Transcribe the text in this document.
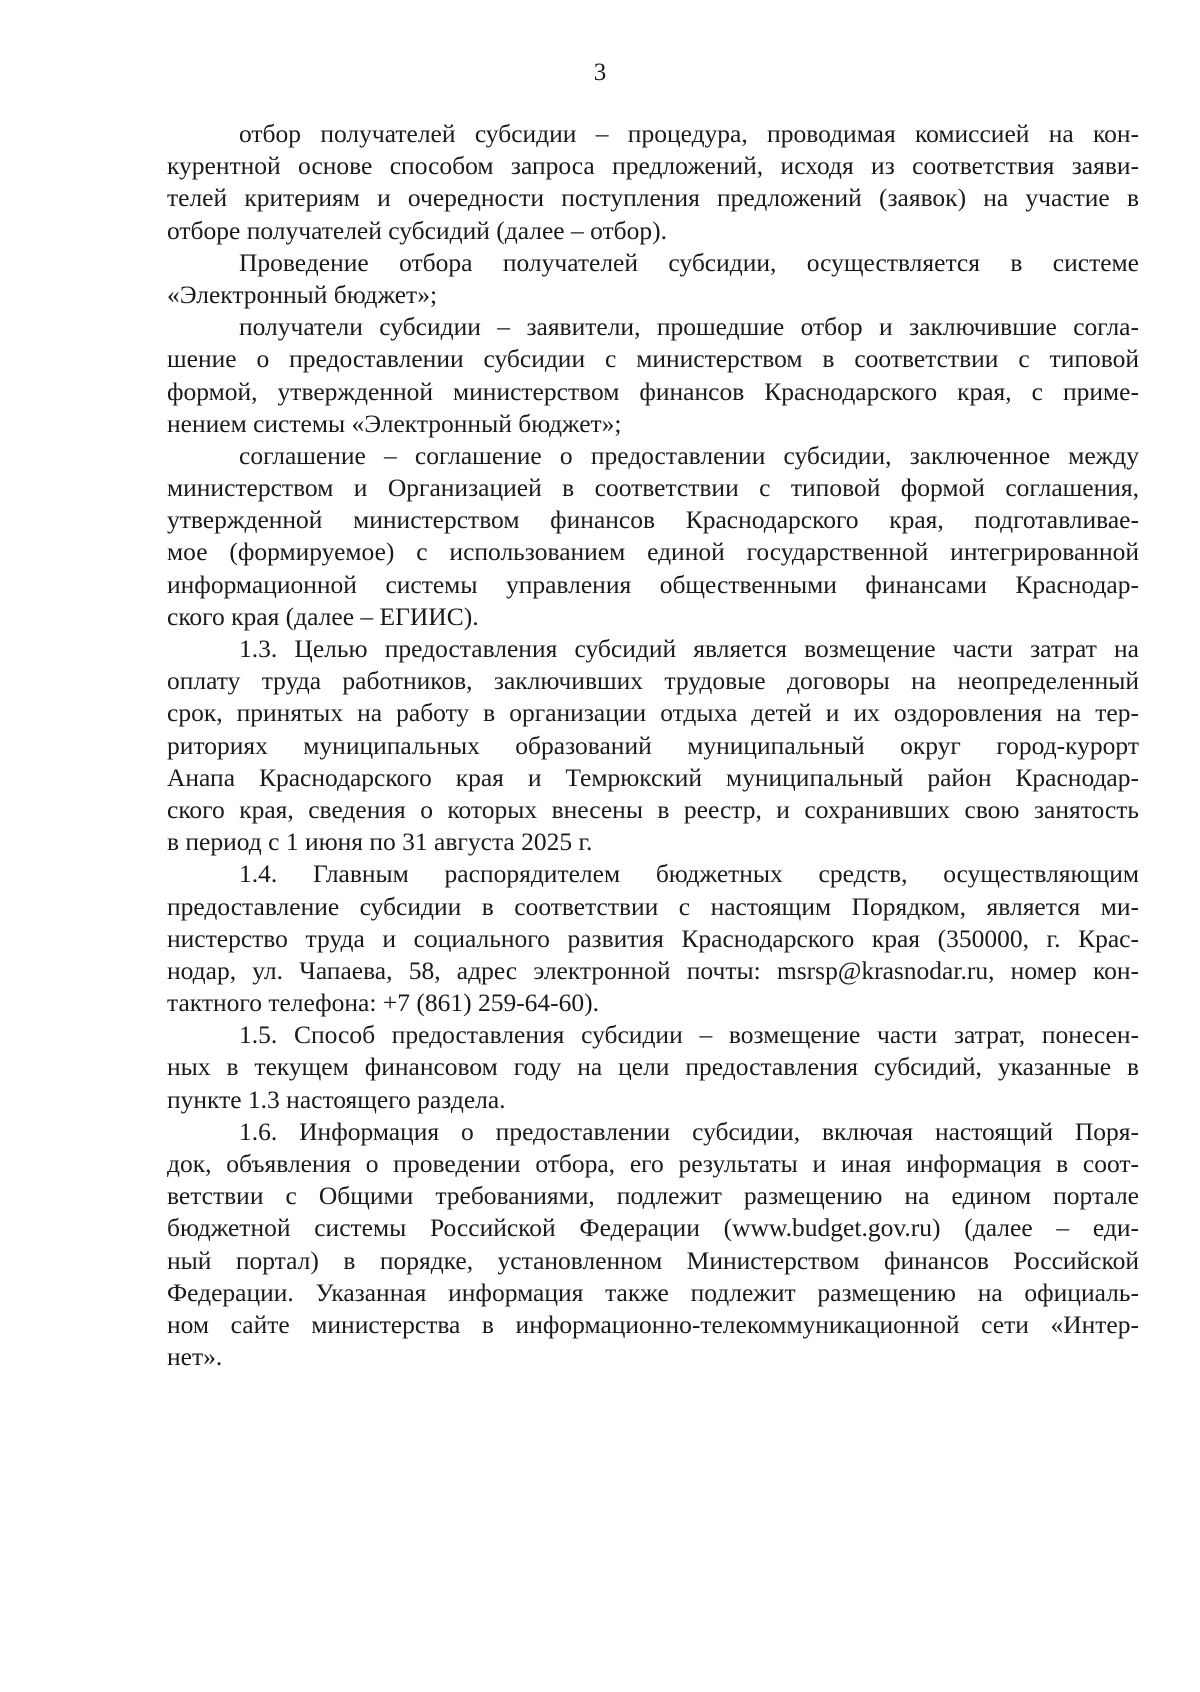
3
отбор получателей субсидии – процедура, проводимая комиссией на кон-
курентной основе способом запроса предложений, исходя из соответствия заяви-
телей критериям и очередности поступления предложений (заявок) на участие в
отборе получателей субсидий (далее – отбор).
Проведение отбора получателей субсидии, осуществляется в системе
«Электронный бюджет»;
получатели субсидии – заявители, прошедшие отбор и заключившие согла-
шение о предоставлении субсидии с министерством в соответствии с типовой
формой, утвержденной министерством финансов Краснодарского края, с приме-
нением системы «Электронный бюджет»;
соглашение – соглашение о предоставлении субсидии, заключенное между
министерством и Организацией в соответствии с типовой формой соглашения,
утвержденной министерством финансов Краснодарского края, подготавливае-
мое (формируемое) с использованием единой государственной интегрированной
информационной системы управления общественными финансами Краснодар-
ского края (далее – ЕГИИС).
1.3. Целью предоставления субсидий является возмещение части затрат на
оплату труда работников, заключивших трудовые договоры на неопределенный
срок, принятых на работу в организации отдыха детей и их оздоровления на тер-
риториях муниципальных образований муниципальный округ город-курорт
Анапа Краснодарского края и Темрюкский муниципальный район Краснодар-
ского края, сведения о которых внесены в реестр, и сохранивших свою занятость
в период с 1 июня по 31 августа 2025 г.
1.4. Главным распорядителем бюджетных средств, осуществляющим
предоставление субсидии в соответствии с настоящим Порядком, является ми-
нистерство труда и социального развития Краснодарского края (350000, г. Крас-
нодар, ул. Чапаева, 58, адрес электронной почты: msrsp@krasnodar.ru, номер кон-
тактного телефона: +7 (861) 259-64-60).
1.5. Способ предоставления субсидии – возмещение части затрат, понесен-
ных в текущем финансовом году на цели предоставления субсидий, указанные в
пункте 1.3 настоящего раздела.
1.6. Информация о предоставлении субсидии, включая настоящий Поря-
док, объявления о проведении отбора, его результаты и иная информация в соот-
ветствии с Общими требованиями, подлежит размещению на едином портале
бюджетной системы Российской Федерации (www.budget.gov.ru) (далее – еди-
ный портал) в порядке, установленном Министерством финансов Российской
Федерации. Указанная информация также подлежит размещению на официаль-
ном сайте министерства в информационно-телекоммуникационной сети «Интер-
нет».
